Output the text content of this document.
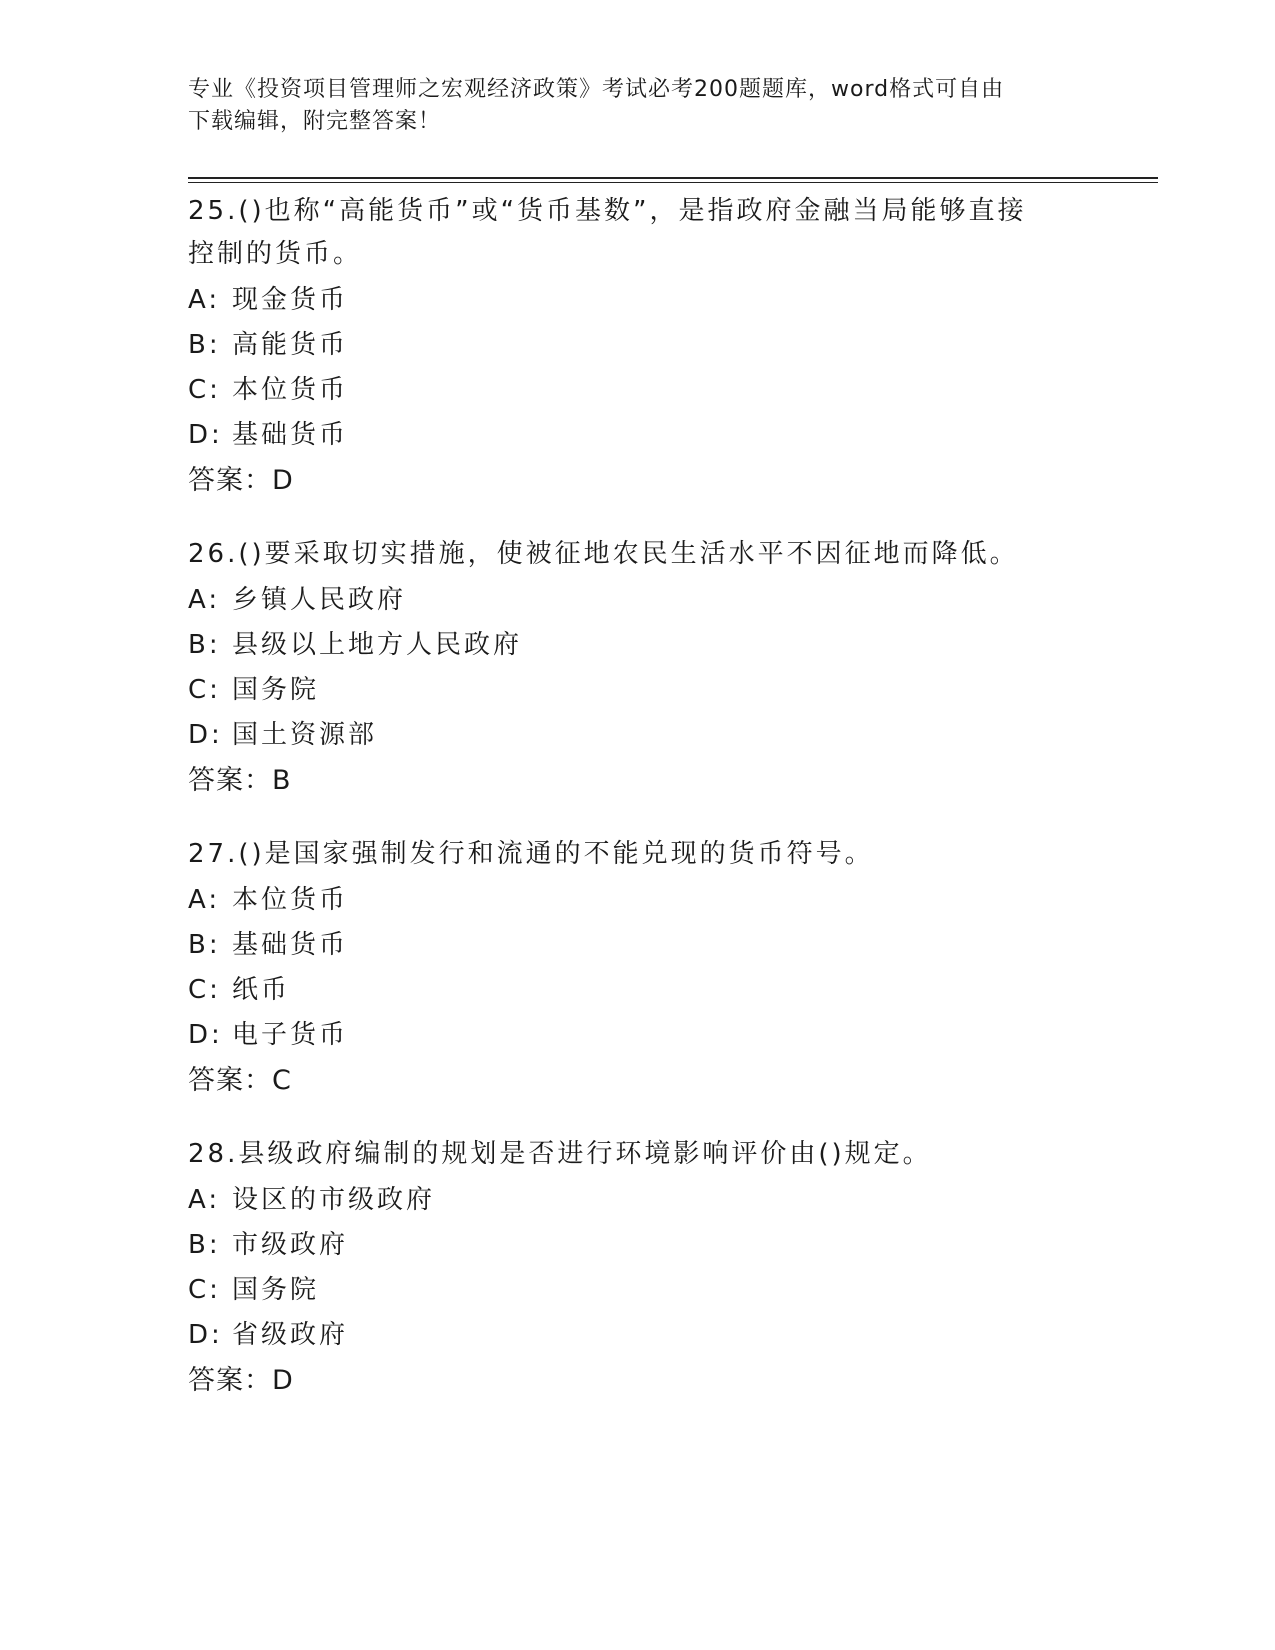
专业《投资项目管理师之宏观经济政策》考试必考200题题库，word格式可自由
下载编辑，附完整答案！
25.()也称“高能货币”或“货币基数”，是指政府金融当局能够直接
控制的货币。
A: 现金货币
B: 高能货币
C: 本位货币
D: 基础货币
答案：D
26.()要采取切实措施，使被征地农民生活水平不因征地而降低。
A: 乡镇人民政府
B: 县级以上地方人民政府
C: 国务院
D: 国土资源部
答案：B
27.()是国家强制发行和流通的不能兑现的货币符号。
A: 本位货币
B: 基础货币
C: 纸币
D: 电子货币
答案：C
28.县级政府编制的规划是否进行环境影响评价由()规定。
A: 设区的市级政府
B: 市级政府
C: 国务院
D: 省级政府
答案：D
